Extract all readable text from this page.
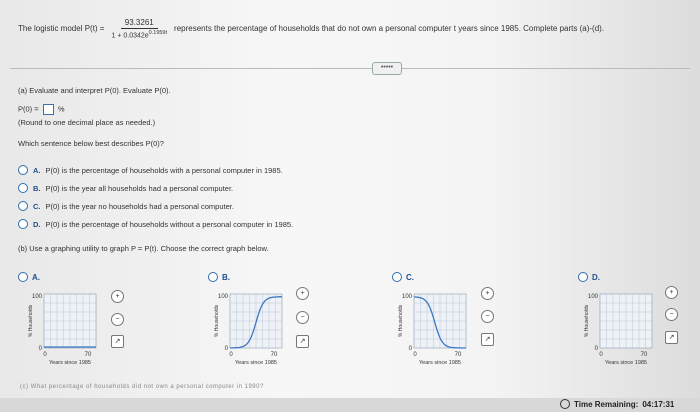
The logistic model $P(t) = \frac{93.3261}{1 + 0.0342e^{0.1959t}}$ represents the percentage of households that do not own a personal computer t years since 1985. Complete parts (a)-(d).
•••••
(a) Evaluate and interpret P(0). Evaluate P(0).
P(0) =	%
(Round to one decimal place as needed.)
Which sentence below best describes P(0)?
A. P(0) is the percentage of households with a personal computer in 1985.
B. P(0) is the year all households had a personal computer.
C. P(0) is the year no households had a personal computer.
D. P(0) is the percentage of households without a personal computer in 1985.
(b) Use a graphing utility to graph P = P(t). Choose the correct graph below.
A.	B.	C.	D.
100
0
0	70
Years since 1985
% Households
100
0
0	70
Years since 1985
% Households
100
0
0	70
Years since 1985
% Households
100
0
0	70
Years since 1985
% Households
+
−
↗
+
−
↗
+
−
↗
+
−
↗
(c) What percentage of households did not own a personal computer in 1990?
Time Remaining: 04:17:31
